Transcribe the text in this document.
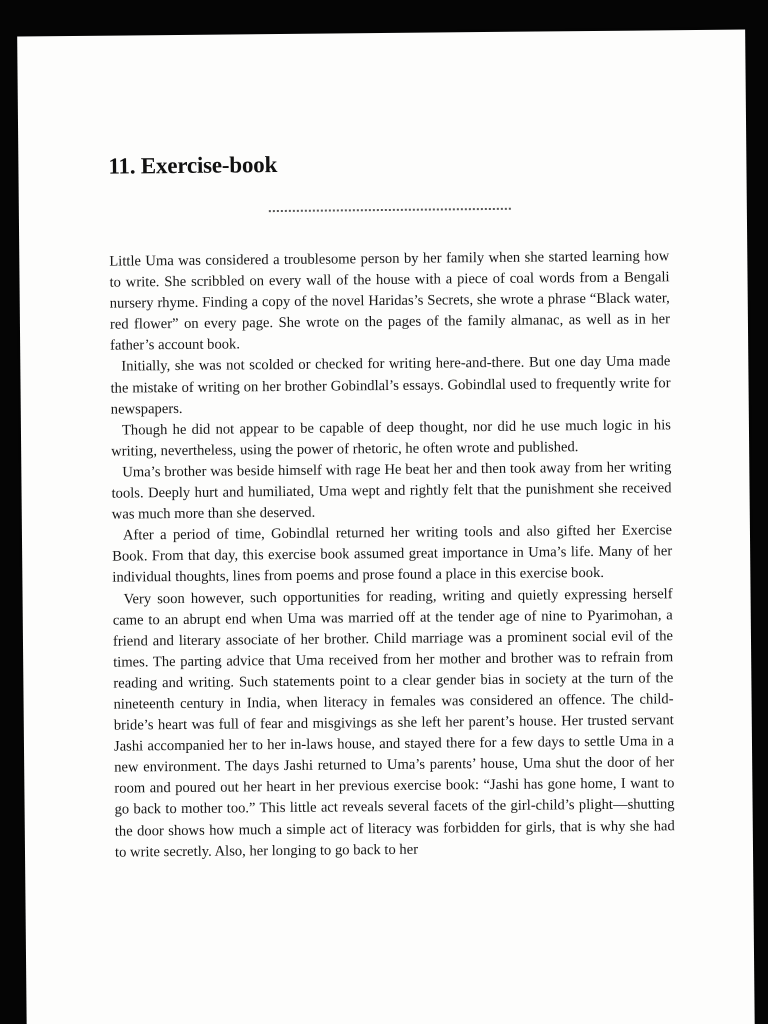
11. Exercise-book

Little Uma was considered a troublesome person by her family when she started learning how to write. She scribbled on every wall of the house with a piece of coal words from a Bengali nursery rhyme. Finding a copy of the novel Haridas’s Secrets, she wrote a phrase “Black water, red flower” on every page. She wrote on the pages of the family almanac, as well as in her father’s account book.

Initially, she was not scolded or checked for writing here-and-there. But one day Uma made the mistake of writing on her brother Gobindlal’s essays. Gobindlal used to frequently write for newspapers.

Though he did not appear to be capable of deep thought, nor did he use much logic in his writing, nevertheless, using the power of rhetoric, he often wrote and published.

Uma’s brother was beside himself with rage He beat her and then took away from her writing tools. Deeply hurt and humiliated, Uma wept and rightly felt that the punishment she received was much more than she deserved.

After a period of time, Gobindlal returned her writing tools and also gifted her Exercise Book. From that day, this exercise book assumed great importance in Uma’s life. Many of her individual thoughts, lines from poems and prose found a place in this exercise book.

Very soon however, such opportunities for reading, writing and quietly expressing herself came to an abrupt end when Uma was married off at the tender age of nine to Pyarimohan, a friend and literary associate of her brother. Child marriage was a prominent social evil of the times. The parting advice that Uma received from her mother and brother was to refrain from reading and writing. Such statements point to a clear gender bias in society at the turn of the nineteenth century in India, when literacy in females was considered an offence. The child-bride’s heart was full of fear and misgivings as she left her parent’s house. Her trusted servant Jashi accompanied her to her in-laws house, and stayed there for a few days to settle Uma in a new environment. The days Jashi returned to Uma’s parents’ house, Uma shut the door of her room and poured out her heart in her previous exercise book: “Jashi has gone home, I want to go back to mother too.” This little act reveals several facets of the girl-child’s plight—shutting the door shows how much a simple act of literacy was forbidden for girls, that is why she had to write secretly. Also, her longing to go back to her
